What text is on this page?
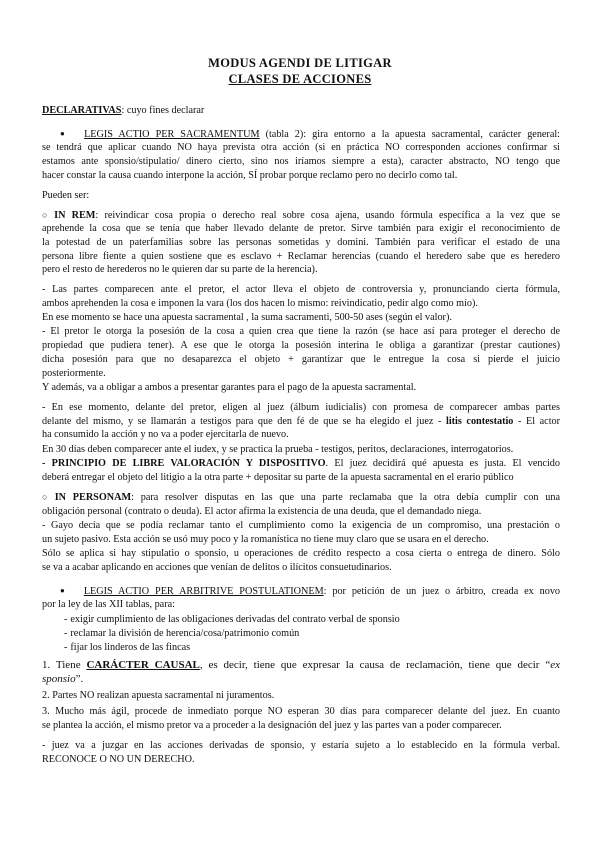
MODUS AGENDI DE LITIGAR
CLASES DE ACCIONES
DECLARATIVAS: cuyo fines declarar
● LEGIS ACTIO PER SACRAMENTUM (tabla 2): gira entorno a la apuesta sacramental, carácter general:
se tendrá que aplicar cuando NO haya prevista otra acción (si en práctica NO corresponden acciones confirmar si
estamos ante sponsio/stipulatio/ dinero cierto, sino nos iríamos siempre a esta), caracter abstracto, NO tengo que
hacer constar la causa cuando interpone la acción, SÍ probar porque reclamo pero no decirlo como tal.
Pueden ser:
○ IN REM: reivindicar cosa propia o derecho real sobre cosa ajena, usando fórmula específica a la vez que se
aprehende la cosa que se tenía que haber llevado delante de pretor. Sirve también para exigir el reconocimiento de
la potestad de un paterfamilias sobre las personas sometidas y domini. También para verificar el estado de una
persona libre fiente a quien sostiene que es esclavo + Reclamar herencias (cuando el heredero sabe que es heredero
pero el resto de herederos no le quieren dar su parte de la herencia).
- Las partes comparecen ante el pretor, el actor lleva el objeto de controversia y, pronunciando cierta fórmula,
ambos aprehenden la cosa e imponen la vara (los dos hacen lo mismo: reivindicatio, pedir algo como mío).
En ese momento se hace una apuesta sacramental , la suma sacramenti, 500-50 ases (según el valor).
- El pretor le otorga la posesión de la cosa a quien crea que tiene la razón (se hace así para proteger el derecho de
propiedad que pudiera tener). A ese que le otorga la posesión interina le obliga a garantizar (prestar cautiones)
dicha posesión para que no desaparezca el objeto + garantizar que le entregue la cosa si pierde el juicio
posteriormente.
Y además, va a obligar a ambos a presentar garantes para el pago de la apuesta sacramental.
- En ese momento, delante del pretor, eligen al juez (álbum iudicialis) con promesa de comparecer ambas partes
delante del mismo, y se llamarán a testigos para que den fé de que se ha elegido el juez - litis contestatio - El actor
ha consumido la acción y no va a poder ejercitarla de nuevo.
En 30 días deben comparecer ante el iudex, y se practica la prueba - testigos, peritos, declaraciones, interrogatorios.
- PRINCIPIO DE LIBRE VALORACIÓN Y DISPOSITIVO. El juez decidirá qué apuesta es justa. El vencido
deberá entregar el objeto del litigio a la otra parte + depositar su parte de la apuesta sacramental en el erario público
○ IN PERSONAM: para resolver disputas en las que una parte reclamaba que la otra debía cumplir con una
obligación personal (contrato o deuda). El actor afirma la existencia de una deuda, que el demandado niega.
- Gayo decía que se podía reclamar tanto el cumplimiento como la exigencia de un compromiso, una prestación o
un sujeto pasivo. Esta acción se usó muy poco y la romanística no tiene muy claro que se usara en el derecho.
Sólo se aplica si hay stipulatio o sponsio, u operaciones de crédito respecto a cosa cierta o entrega de dinero. Sólo
se va a acabar aplicando en acciones que venían de delitos o ilícitos consuetudinarios.
● LEGIS ACTIO PER ARBITRIVE POSTULATIONEM: por petición de un juez o árbitro, creada ex novo
por la ley de las XII tablas, para:
- exigir cumplimiento de las obligaciones derivadas del contrato verbal de sponsio
- reclamar la división de herencia/cosa/patrimonio común
- fijar los linderos de las fincas
1. Tiene CARÁCTER CAUSAL, es decir, tiene que expresar la causa de reclamación, tiene que decir “ex
sponsio”.
2. Partes NO realizan apuesta sacramental ni juramentos.
3. Mucho más ágil, procede de inmediato porque NO esperan 30 días para comparecer delante del juez. En cuanto
se plantea la acción, el mismo pretor va a proceder a la designación del juez y las partes van a poder comparecer.
- juez va a juzgar en las acciones derivadas de sponsio, y estaría sujeto a lo establecido en la fórmula verbal.
RECONOCE O NO UN DERECHO.
